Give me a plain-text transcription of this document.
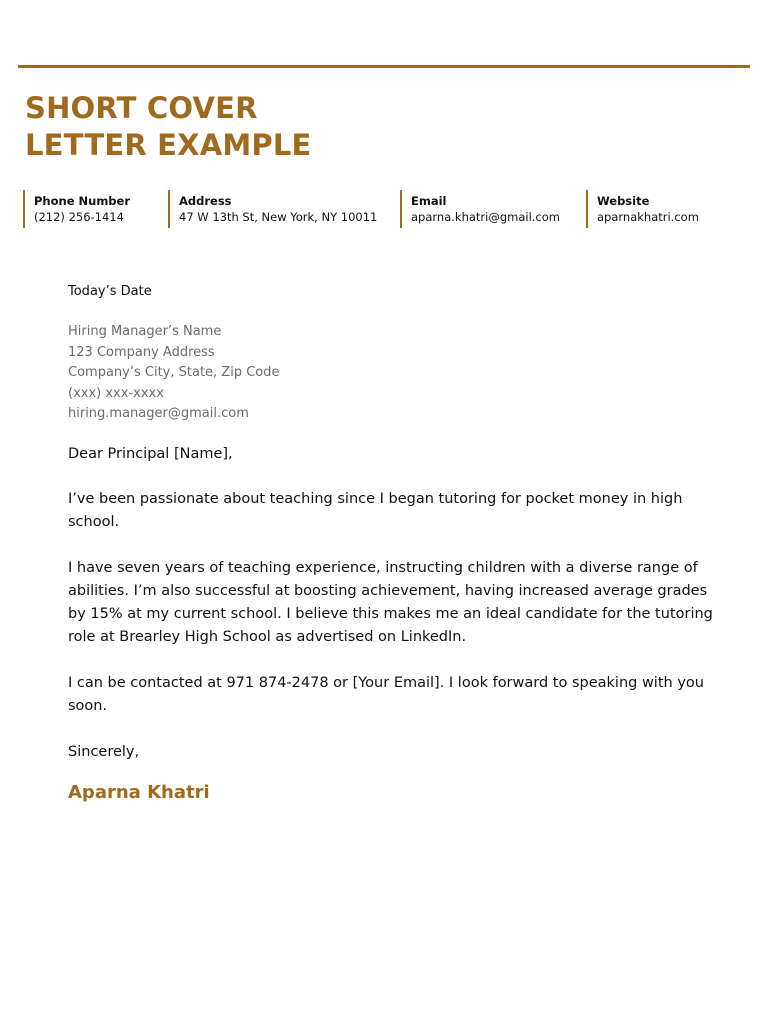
SHORT COVER
LETTER EXAMPLE
Phone Number
(212) 256-1414
Address
47 W 13th St, New York, NY 10011
Email
aparna.khatri@gmail.com
Website
aparnakhatri.com

Today’s Date

Hiring Manager’s Name
123 Company Address
Company’s City, State, Zip Code
(xxx) xxx-xxxx
hiring.manager@gmail.com

Dear Principal [Name],

I’ve been passionate about teaching since I began tutoring for pocket money in high school.

I have seven years of teaching experience, instructing children with a diverse range of abilities. I’m also successful at boosting achievement, having increased average grades by 15% at my current school. I believe this makes me an ideal candidate for the tutoring role at Brearley High School as advertised on LinkedIn.

I can be contacted at 971 874-2478 or [Your Email]. I look forward to speaking with you soon.

Sincerely,

Aparna Khatri
